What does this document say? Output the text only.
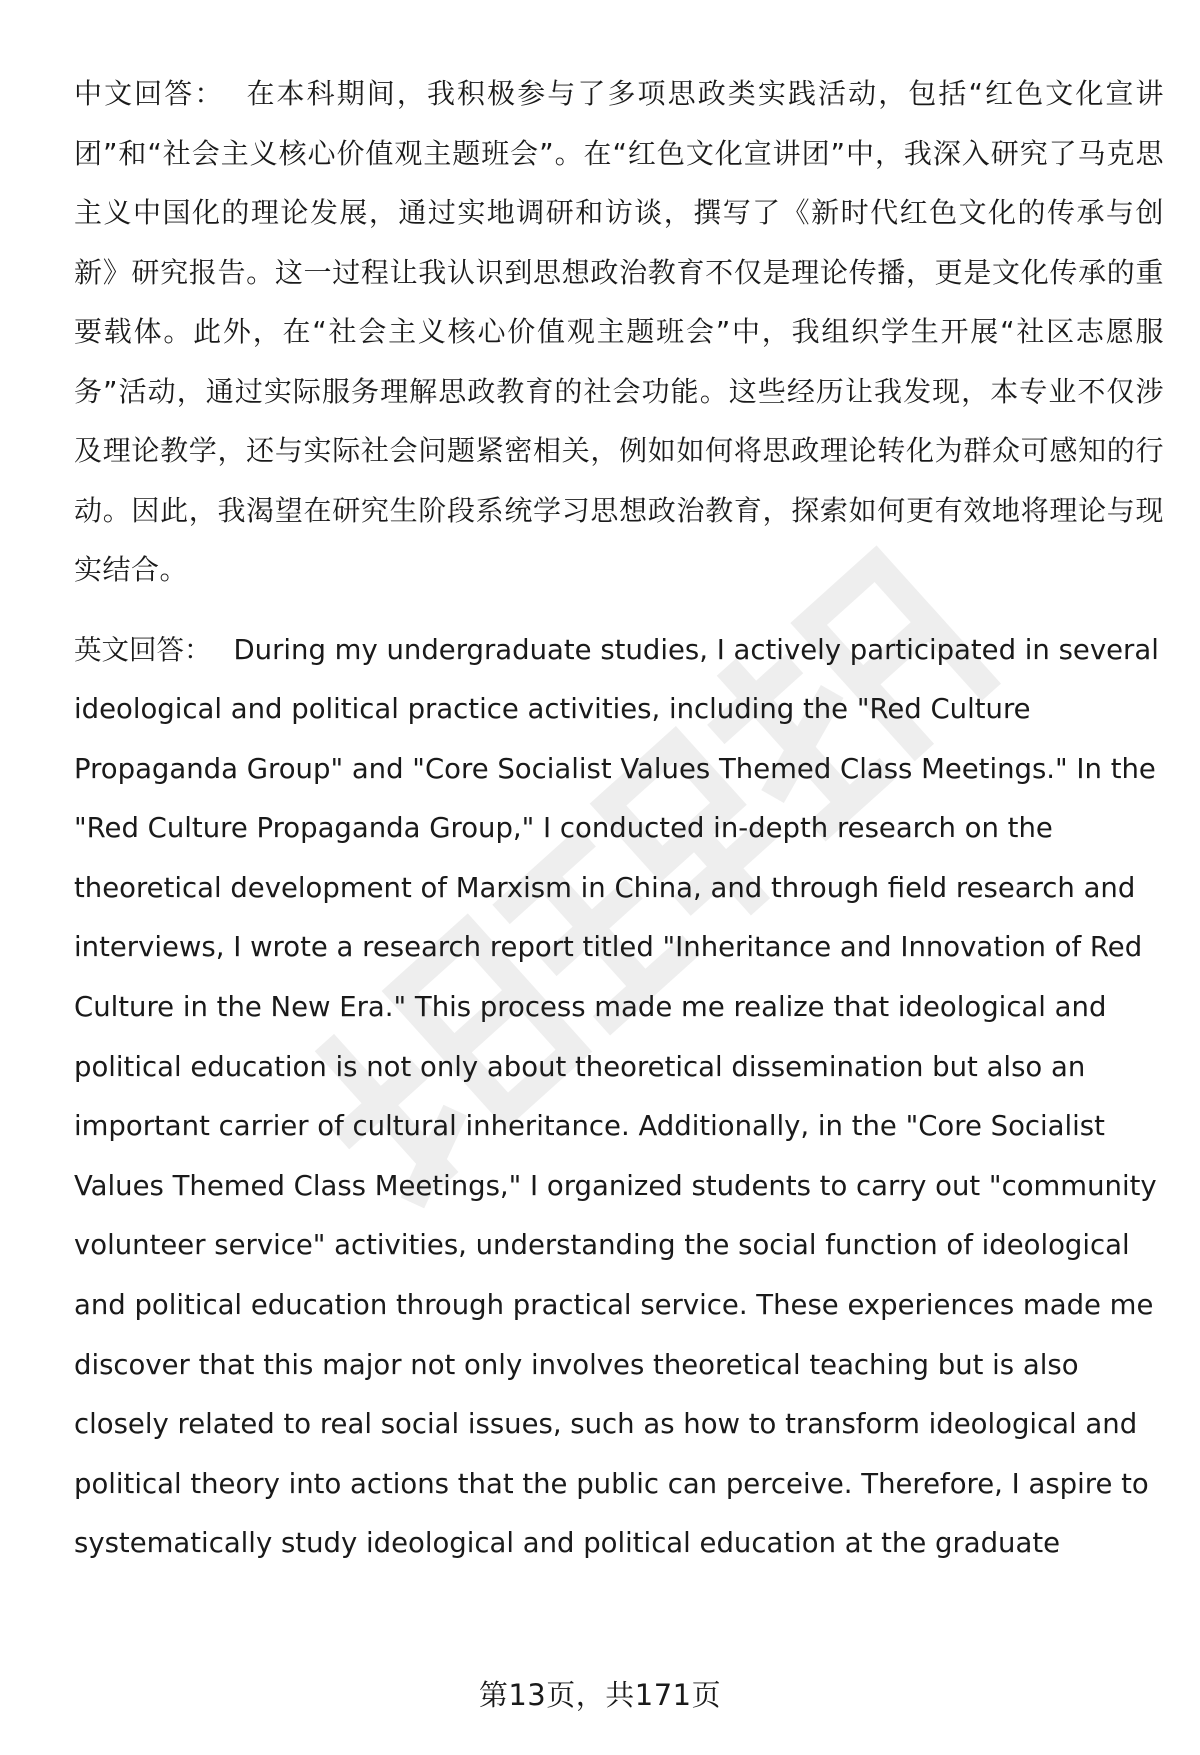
中文回答： 在本科期间，我积极参与了多项思政类实践活动，包括“红色文化宣讲团”和“社会主义核心价值观主题班会”。在“红色文化宣讲团”中，我深入研究了马克思主义中国化的理论发展，通过实地调研和访谈，撰写了《新时代红色文化的传承与创新》研究报告。这一过程让我认识到思想政治教育不仅是理论传播，更是文化传承的重要载体。此外，在“社会主义核心价值观主题班会”中，我组织学生开展“社区志愿服务”活动，通过实际服务理解思政教育的社会功能。这些经历让我发现，本专业不仅涉及理论教学，还与实际社会问题紧密相关，例如如何将思政理论转化为群众可感知的行动。因此，我渴望在研究生阶段系统学习思想政治教育，探索如何更有效地将理论与现实结合。

英文回答： During my undergraduate studies, I actively participated in several ideological and political practice activities, including the "Red Culture Propaganda Group" and "Core Socialist Values Themed Class Meetings." In the "Red Culture Propaganda Group," I conducted in-depth research on the theoretical development of Marxism in China, and through field research and interviews, I wrote a research report titled "Inheritance and Innovation of Red Culture in the New Era." This process made me realize that ideological and political education is not only about theoretical dissemination but also an important carrier of cultural inheritance. Additionally, in the "Core Socialist Values Themed Class Meetings," I organized students to carry out "community volunteer service" activities, understanding the social function of ideological and political education through practical service. These experiences made me discover that this major not only involves theoretical teaching but is also closely related to real social issues, such as how to transform ideological and political theory into actions that the public can perceive. Therefore, I aspire to systematically study ideological and political education at the graduate

第13页，共171页
